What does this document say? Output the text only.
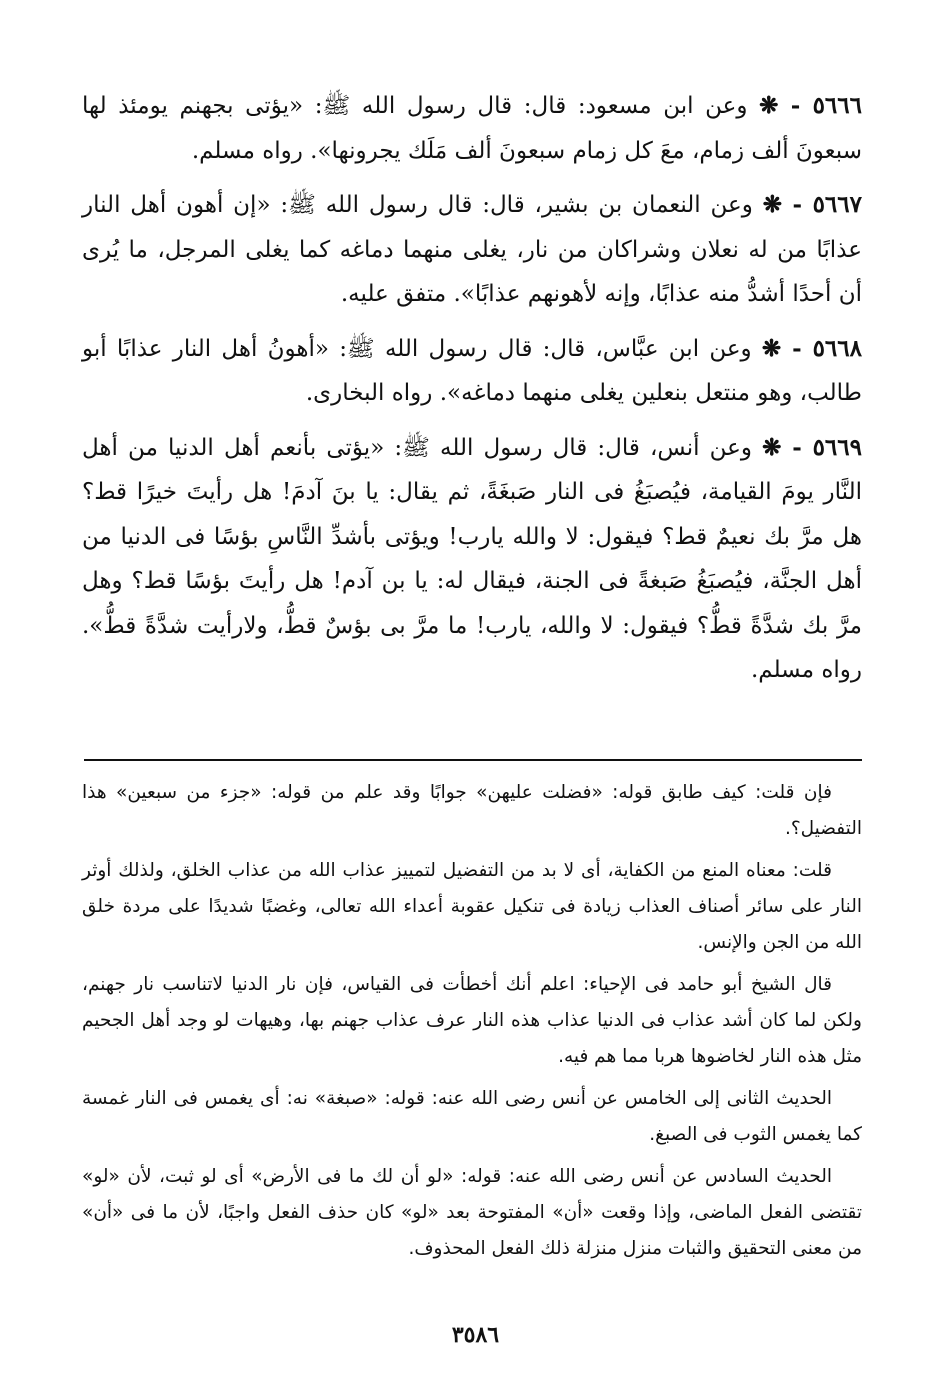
٥٦٦٦ - ❋ وعن ابن مسعود: قال: قال رسول الله ﷺ: «يؤتى بجهنم يومئذ لها سبعونَ ألف زمام، معَ كل زمام سبعونَ ألف مَلَك يجرونها». رواه مسلم.

٥٦٦٧ - ❋ وعن النعمان بن بشير، قال: قال رسول الله ﷺ: «إن أهون أهل النار عذابًا من له نعلان وشراكان من نار، يغلى منهما دماغه كما يغلى المرجل، ما يُرى أن أحدًا أشدُّ منه عذابًا، وإنه لأهونهم عذابًا». متفق عليه.

٥٦٦٨ - ❋ وعن ابن عبَّاس، قال: قال رسول الله ﷺ: «أهونُ أهل النار عذابًا أبو طالب، وهو منتعل بنعلين يغلى منهما دماغه». رواه البخارى.

٥٦٦٩ - ❋ وعن أنس، قال: قال رسول الله ﷺ: «يؤتى بأنعم أهل الدنيا من أهل النَّار يومَ القيامة، فيُصبَغُ فى النار صَبغَةً، ثم يقال: يا بنَ آدمَ! هل رأيتَ خيرًا قط؟ هل مرَّ بك نعيمٌ قط؟ فيقول: لا والله يارب! ويؤتى بأشدِّ النَّاسِ بؤسًا فى الدنيا من أهل الجنَّة، فيُصبَغُ صَبغةً فى الجنة، فيقال له: يا بن آدم! هل رأيتَ بؤسًا قط؟ وهل مرَّ بك شدَّةً قطُّ؟ فيقول: لا والله، يارب! ما مرَّ بى بؤسٌ قطُّ، ولارأيت شدَّةً قطُّ». رواه مسلم.

فإن قلت: كيف طابق قوله: «فضلت عليهن» جوابًا وقد علم من قوله: «جزء من سبعين» هذا التفضيل؟.

قلت: معناه المنع من الكفاية، أى لا بد من التفضيل لتمييز عذاب الله من عذاب الخلق، ولذلك أوثر النار على سائر أصناف العذاب زيادة فى تنكيل عقوبة أعداء الله تعالى، وغضبًا شديدًا على مردة خلق الله من الجن والإنس.

قال الشيخ أبو حامد فى الإحياء: اعلم أنك أخطأت فى القياس، فإن نار الدنيا لاتناسب نار جهنم، ولكن لما كان أشد عذاب فى الدنيا عذاب هذه النار عرف عذاب جهنم بها، وهيهات لو وجد أهل الجحيم مثل هذه النار لخاضوها هربا مما هم فيه.

الحديث الثانى إلى الخامس عن أنس رضى الله عنه: قوله: «صبغة» نه: أى يغمس فى النار غمسة كما يغمس الثوب فى الصبغ.

الحديث السادس عن أنس رضى الله عنه: قوله: «لو أن لك ما فى الأرض» أى لو ثبت، لأن «لو» تقتضى الفعل الماضى، وإذا وقعت «أن» المفتوحة بعد «لو» كان حذف الفعل واجبًا، لأن ما فى «أن» من معنى التحقيق والثبات منزل منزلة ذلك الفعل المحذوف.

٣٥٨٦
